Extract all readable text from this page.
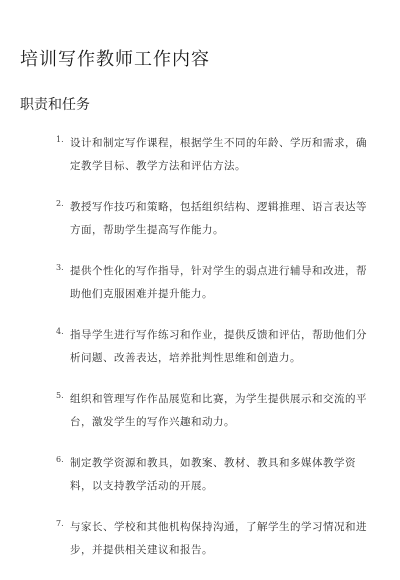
培训写作教师工作内容
职责和任务
1. 设计和制定写作课程，根据学生不同的年龄、学历和需求，确定教学目标、教学方法和评估方法。
2. 教授写作技巧和策略，包括组织结构、逻辑推理、语言表达等方面，帮助学生提高写作能力。
3. 提供个性化的写作指导，针对学生的弱点进行辅导和改进，帮助他们克服困难并提升能力。
4. 指导学生进行写作练习和作业，提供反馈和评估，帮助他们分析问题、改善表达，培养批判性思维和创造力。
5. 组织和管理写作作品展览和比赛，为学生提供展示和交流的平台，激发学生的写作兴趣和动力。
6. 制定教学资源和教具，如教案、教材、教具和多媒体教学资料，以支持教学活动的开展。
7. 与家长、学校和其他机构保持沟通，了解学生的学习情况和进步，并提供相关建议和报告。
